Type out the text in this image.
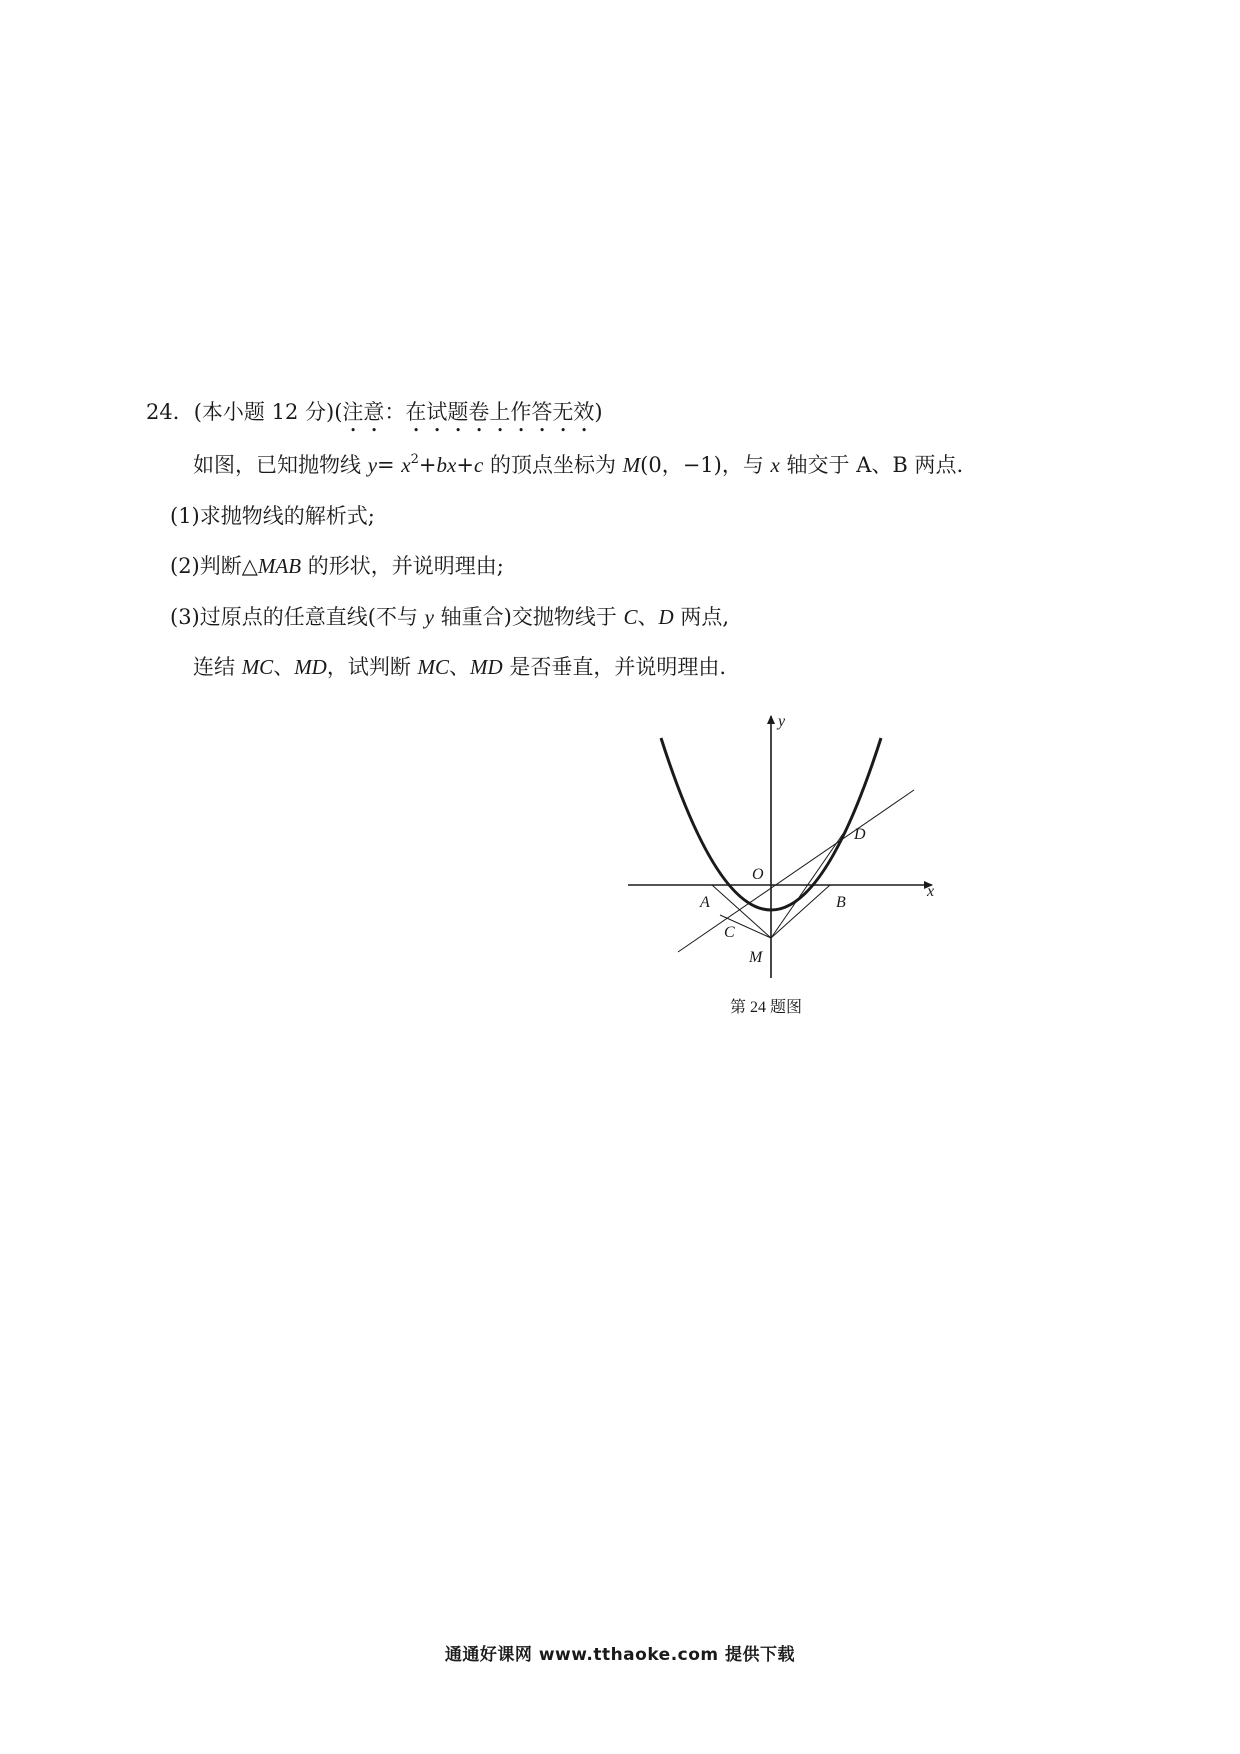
24．(本小题 12 分)(注意：在试题卷上作答无效)
如图，已知抛物线 $y= x^2+bx+c$ 的顶点坐标为 M(0，−1)，与 x 轴交于 A、B 两点.
(1)求抛物线的解析式;
(2)判断△MAB 的形状，并说明理由;
(3)过原点的任意直线(不与 y 轴重合)交抛物线于 C、D 两点,
连结 MC、MD，试判断 MC、MD 是否垂直，并说明理由.
y
x
O
A	B
C
D
M
第 24 题图
通通好课网 www.tthaoke.com 提供下载
